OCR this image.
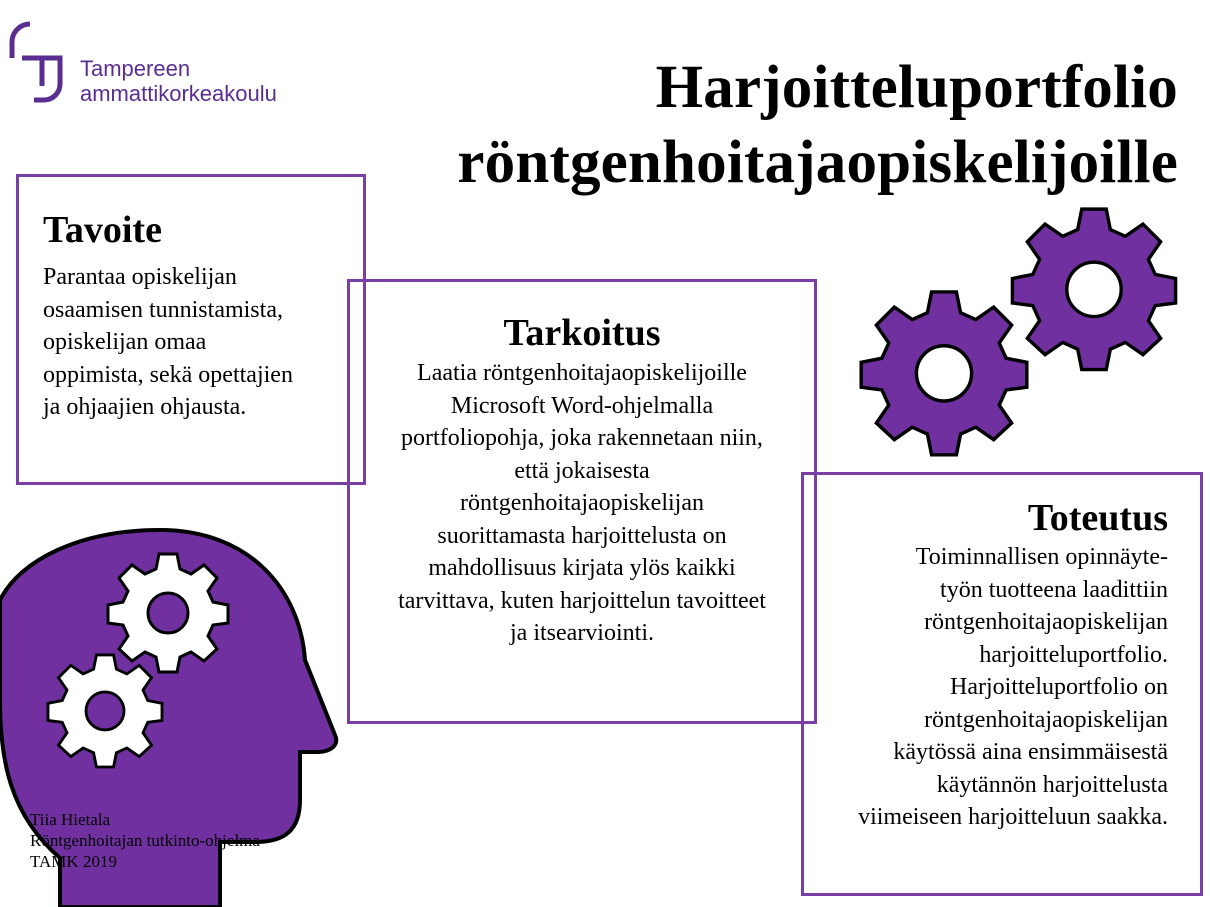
Tampereen
ammattikorkeakoulu	Harjoitteluportfolio
röntgenhoitajaopiskelijoille
Tavoite
Parantaa opiskelijan
osaamisen tunnistamista,
opiskelijan omaa
oppimista, sekä opettajien
ja ohjaajien ohjausta.
Tarkoitus
Laatia röntgenhoitajaopiskelijoille
Microsoft Word-ohjelmalla
portfoliopohja, joka rakennetaan niin,
että jokaisesta
röntgenhoitajaopiskelijan
suorittamasta harjoittelusta on
mahdollisuus kirjata ylös kaikki
tarvittava, kuten harjoittelun tavoitteet
ja itsearviointi.
Toteutus
Toiminnallisen opinnäyte-
työn tuotteena laadittiin
röntgenhoitajaopiskelijan
harjoitteluportfolio.
Harjoitteluportfolio on
röntgenhoitajaopiskelijan
käytössä aina ensimmäisestä
käytännön harjoittelusta
viimeiseen harjoitteluun saakka.
Tiia Hietala
Röntgenhoitajan tutkinto-ohjelma
TAMK 2019
